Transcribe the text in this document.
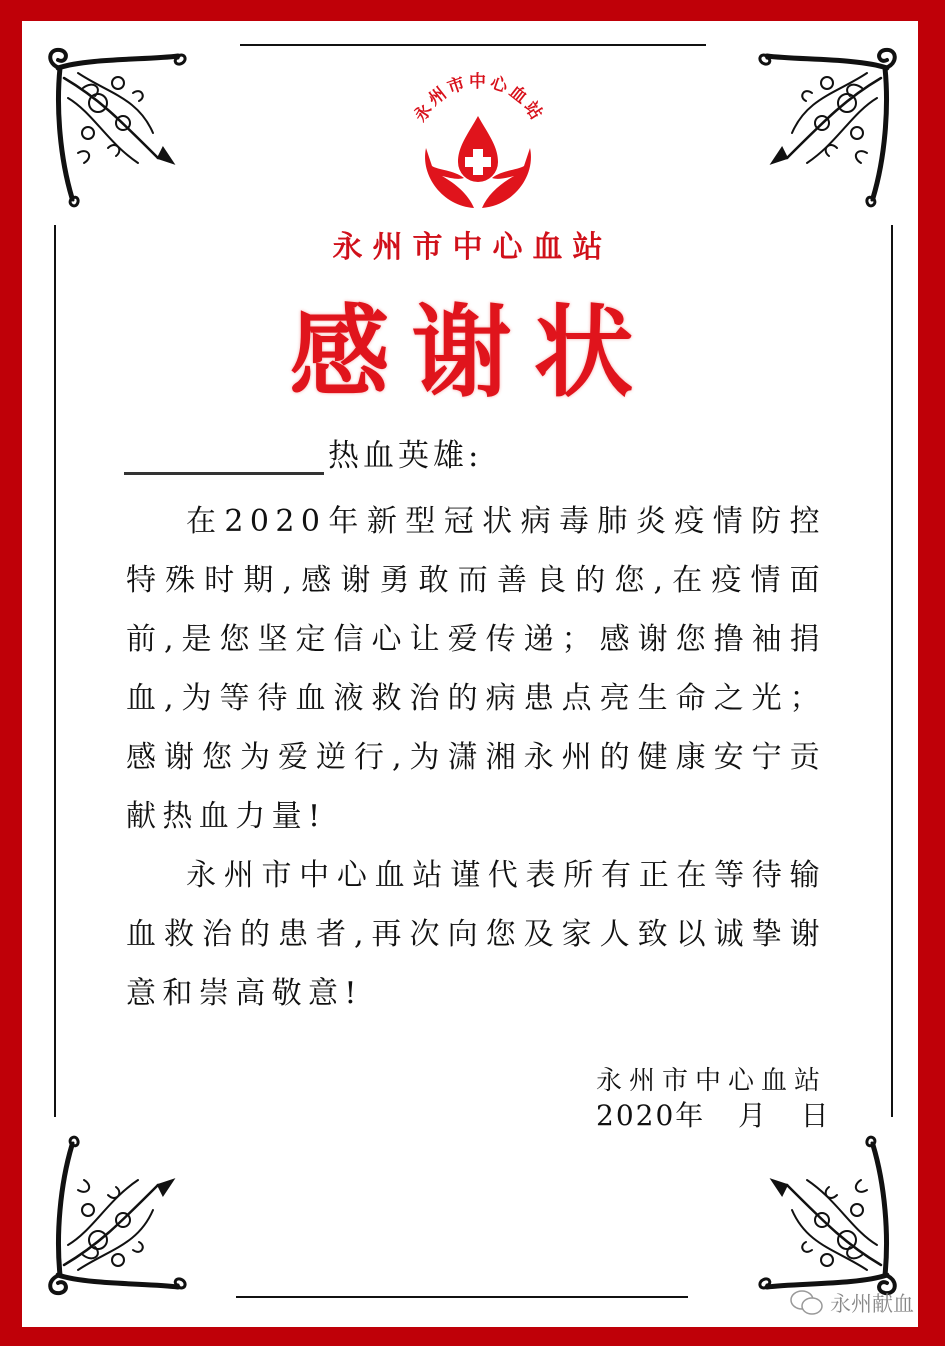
永州市中心血站
永州市中心血站
感谢状
热血英雄:

在2020年新型冠状病毒肺炎疫情防控特殊时期,感谢勇敢而善良的您,在疫情面前,是您坚定信心让爱传递；感谢您撸袖捐血,为等待血液救治的病患点亮生命之光；感谢您为爱逆行,为潇湘永州的健康安宁贡献热血力量!

永州市中心血站谨代表所有正在等待输血救治的患者,再次向您及家人致以诚挚谢意和崇高敬意!

永州市中心血站
2020年   月   日
永州献血
